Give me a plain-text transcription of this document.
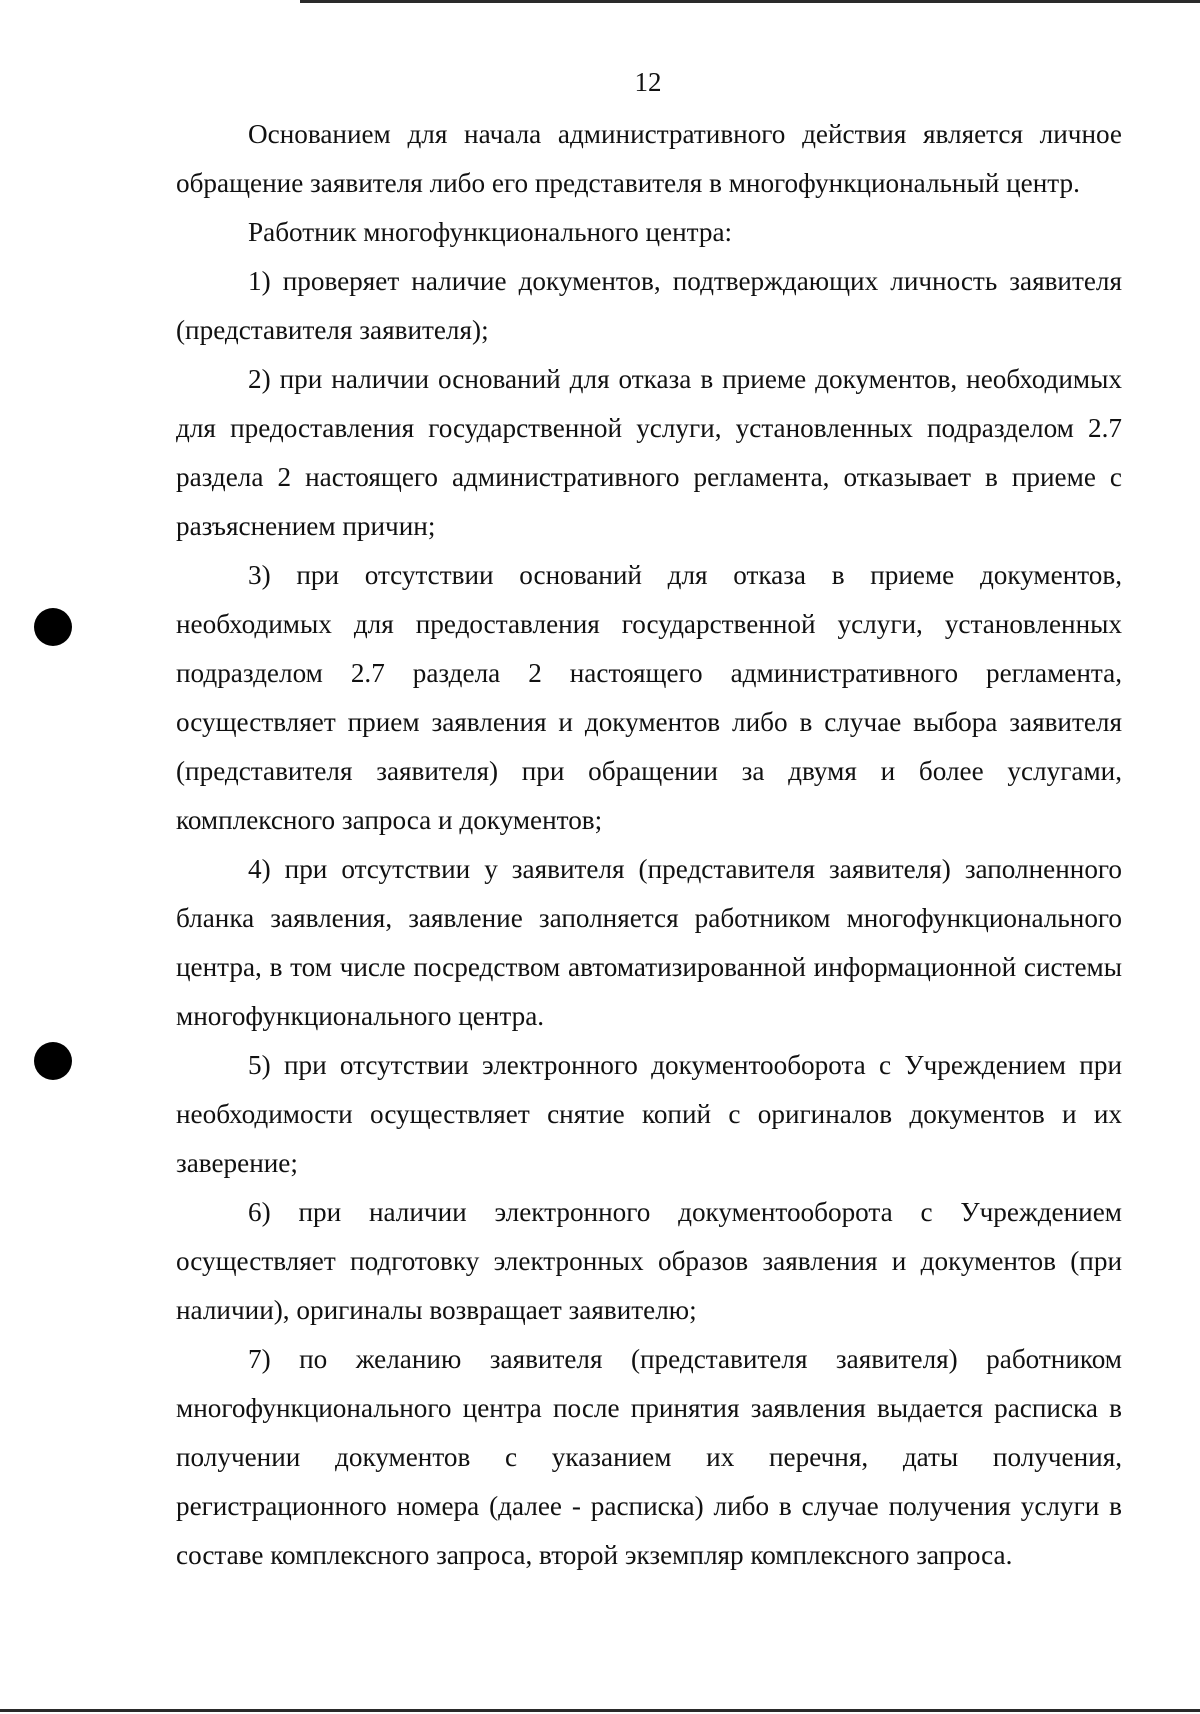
12

Основанием для начала административного действия является личное обращение заявителя либо его представителя в многофункциональный центр.

Работник многофункционального центра:

1) проверяет наличие документов, подтверждающих личность заявителя (представителя заявителя);

2) при наличии оснований для отказа в приеме документов, необходимых для предоставления государственной услуги, установленных подразделом 2.7 раздела 2 настоящего административного регламента, отказывает в приеме с разъяснением причин;

3) при отсутствии оснований для отказа в приеме документов, необходимых для предоставления государственной услуги, установленных подразделом 2.7 раздела 2 настоящего административного регламента, осуществляет прием заявления и документов либо в случае выбора заявителя (представителя заявителя) при обращении за двумя и более услугами, комплексного запроса и документов;

4) при отсутствии у заявителя (представителя заявителя) заполненного бланка заявления, заявление заполняется работником многофункционального центра, в том числе посредством автоматизированной информационной системы многофункционального центра.

5) при отсутствии электронного документооборота с Учреждением при необходимости осуществляет снятие копий с оригиналов документов и их заверение;

6) при наличии электронного документооборота с Учреждением осуществляет подготовку электронных образов заявления и документов (при наличии), оригиналы возвращает заявителю;

7) по желанию заявителя (представителя заявителя) работником многофункционального центра после принятия заявления выдается расписка в получении документов с указанием их перечня, даты получения, регистрационного номера (далее - расписка) либо в случае получения услуги в составе комплексного запроса, второй экземпляр комплексного запроса.
